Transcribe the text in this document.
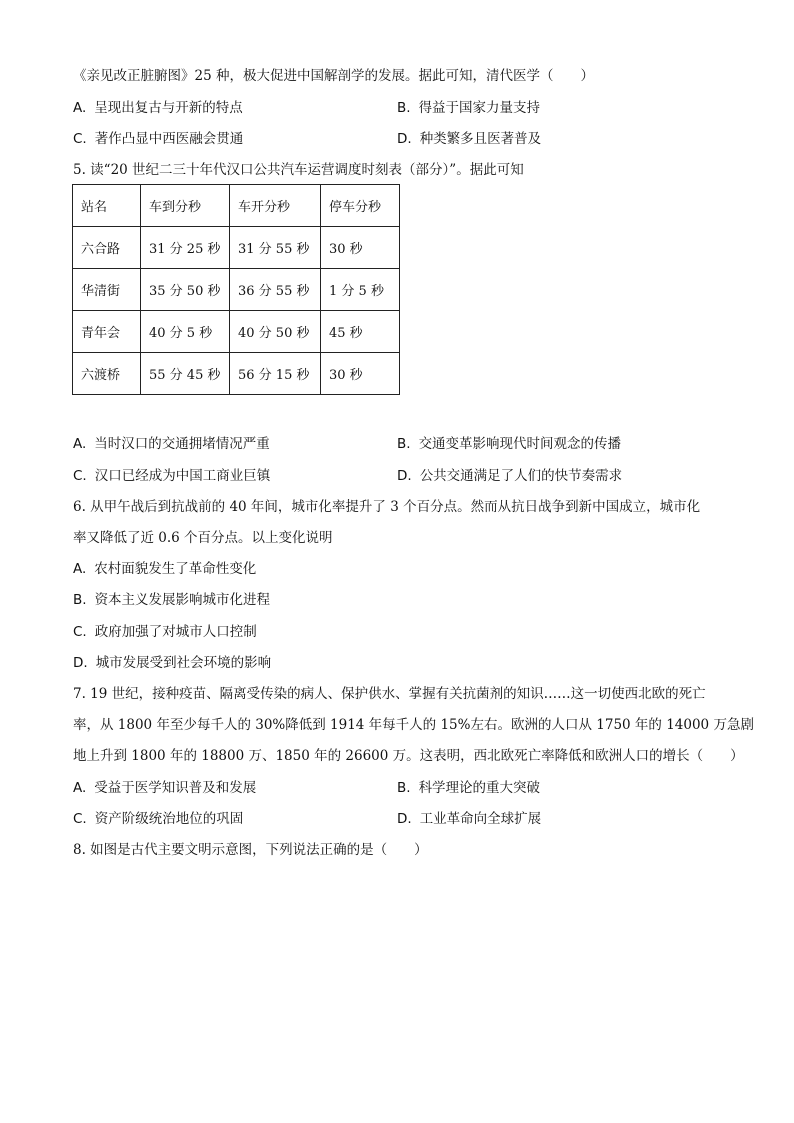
《亲见改正脏腑图》25 种，极大促进中国解剖学的发展。据此可知，清代医学（　　）
A. 呈现出复古与开新的特点	B. 得益于国家力量支持
C. 著作凸显中西医融会贯通	D. 种类繁多且医著普及
5. 读“20 世纪二三十年代汉口公共汽车运营调度时刻表（部分）”。据此可知
站名	车到分秒	车开分秒	停车分秒
六合路	31 分 25 秒	31 分 55 秒	30 秒
华清街	35 分 50 秒	36 分 55 秒	1 分 5 秒
青年会	40 分 5 秒	40 分 50 秒	45 秒
六渡桥	55 分 45 秒	56 分 15 秒	30 秒
A. 当时汉口的交通拥堵情况严重	B. 交通变革影响现代时间观念的传播
C. 汉口已经成为中国工商业巨镇	D. 公共交通满足了人们的快节奏需求
6. 从甲午战后到抗战前的 40 年间，城市化率提升了 3 个百分点。然而从抗日战争到新中国成立，城市化
率又降低了近 0.6 个百分点。以上变化说明
A. 农村面貌发生了革命性变化
B. 资本主义发展影响城市化进程
C. 政府加强了对城市人口控制
D. 城市发展受到社会环境的影响
7. 19 世纪，接种疫苗、隔离受传染的病人、保护供水、掌握有关抗菌剂的知识……这一切使西北欧的死亡
率，从 1800 年至少每千人的 30%降低到 1914 年每千人的 15%左右。欧洲的人口从 1750 年的 14000 万急剧
地上升到 1800 年的 18800 万、1850 年的 26600 万。这表明，西北欧死亡率降低和欧洲人口的增长（　　）
A. 受益于医学知识普及和发展	B. 科学理论的重大突破
C. 资产阶级统治地位的巩固	D. 工业革命向全球扩展
8. 如图是古代主要文明示意图，下列说法正确的是（　　）
